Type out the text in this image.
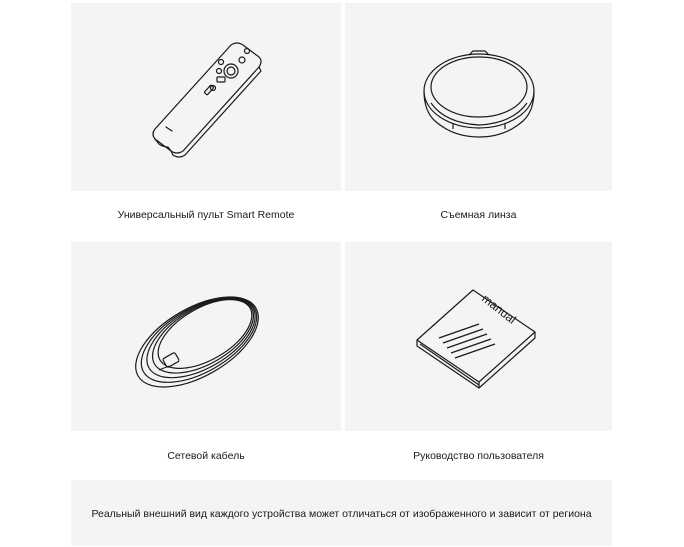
Универсальный пульт Smart Remote	Съемная линза
Сетевой кабель
manual
Руководство пользователя
Реальный внешний вид каждого устройства может отличаться от изображенного и зависит от региона
